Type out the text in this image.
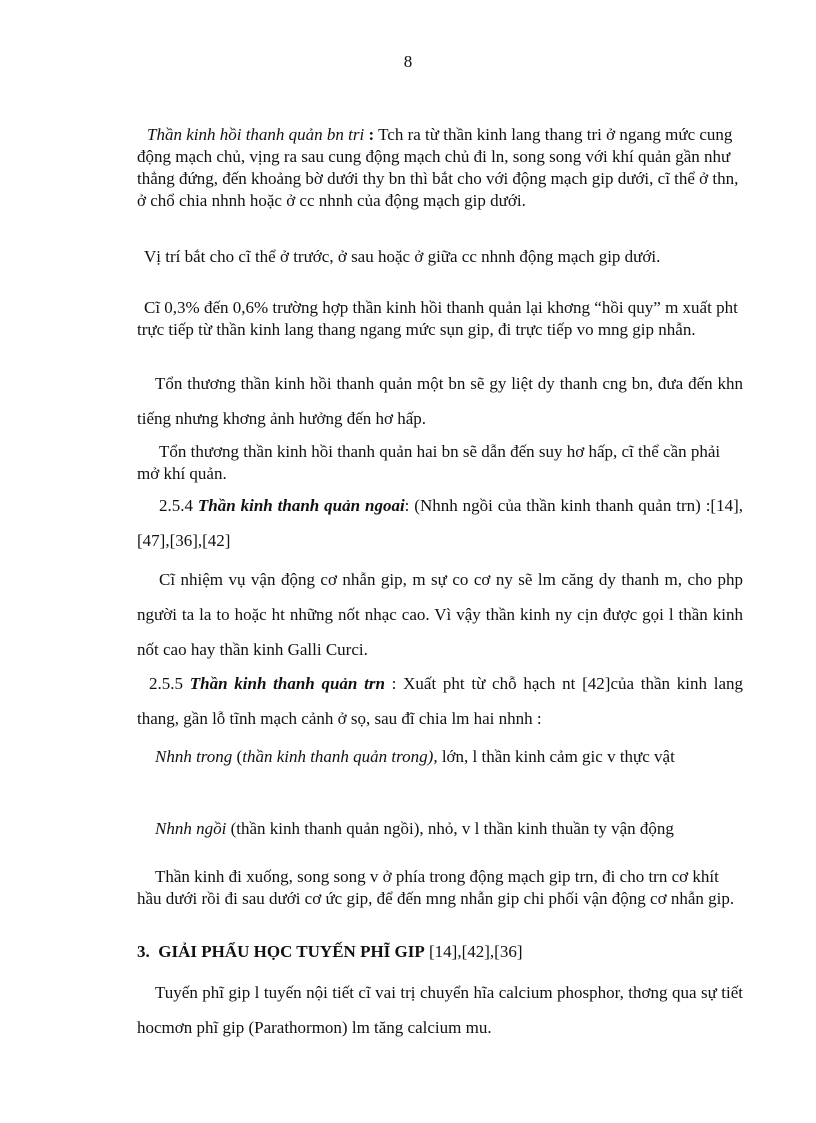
8

Thần kinh hồi thanh quản bn tri : Tch ra từ thần kinh lang thang tri ở ngang mức cung động mạch chủ, vịng ra sau cung động mạch chủ đi ln, song song với khí quản gần như thẳng đứng, đến khoảng bờ dưới thy bn thì bắt cho với động mạch gip dưới, cĩ thể ở thn, ở chổ chia nhnh hoặc ở cc nhnh của động mạch gip dưới.

Vị trí bắt cho cĩ thể ở trước, ở sau hoặc ở giữa cc nhnh động mạch gip dưới.

Cĩ 0,3% đến 0,6% trường hợp thần kinh hồi thanh quản lại khơng “hồi quy” m xuất pht trực tiếp từ thần kinh lang thang ngang mức sụn gip, đi trực tiếp vo mng gip nhẫn.

Tổn thương thần kinh hồi thanh quản một bn sẽ gy liệt dy thanh cng bn, đưa đến khn tiếng nhưng khơng ảnh hưởng đến hơ hấp.

Tổn thương thần kinh hồi thanh quản hai bn sẽ dẫn đến suy hơ hấp, cĩ thể cần phải mở khí quản.

2.5.4 Thần kinh thanh quản ngoai: (Nhnh ngồi của thần kinh thanh quản trn) :[14],[47],[36],[42]

Cĩ nhiệm vụ vận động cơ nhẫn gip, m sự co cơ ny sẽ lm căng dy thanh m, cho php người ta la to hoặc ht những nốt nhạc cao. Vì vậy thần kinh ny cịn được gọi l thần kinh nốt cao hay thần kinh Galli Curci.

2.5.5 Thần kinh thanh quản trn : Xuất pht từ chỗ hạch nt [42]của thần kinh lang thang, gần lỗ tĩnh mạch cảnh ở sọ, sau đĩ chia lm hai nhnh :

Nhnh trong (thần kinh thanh quản trong), lớn, l thần kinh cảm gic v thực vật

Nhnh ngồi (thần kinh thanh quản ngồi), nhỏ, v l thần kinh thuần ty vận động

Thần kinh đi xuống, song song v ở phía trong động mạch gip trn, đi cho trn cơ khít hầu dưới rồi đi sau dưới cơ ức gip, để đến mng nhẫn gip chi phối vận động cơ nhẫn gip.

3. GIẢI PHẨU HỌC TUYẾN PHĨ GIP [14],[42],[36]

Tuyến phĩ gip l tuyến nội tiết cĩ vai trị chuyển hĩa calcium phosphor, thơng qua sự tiết hocmơn phĩ gip (Parathormon) lm tăng calcium mu.
